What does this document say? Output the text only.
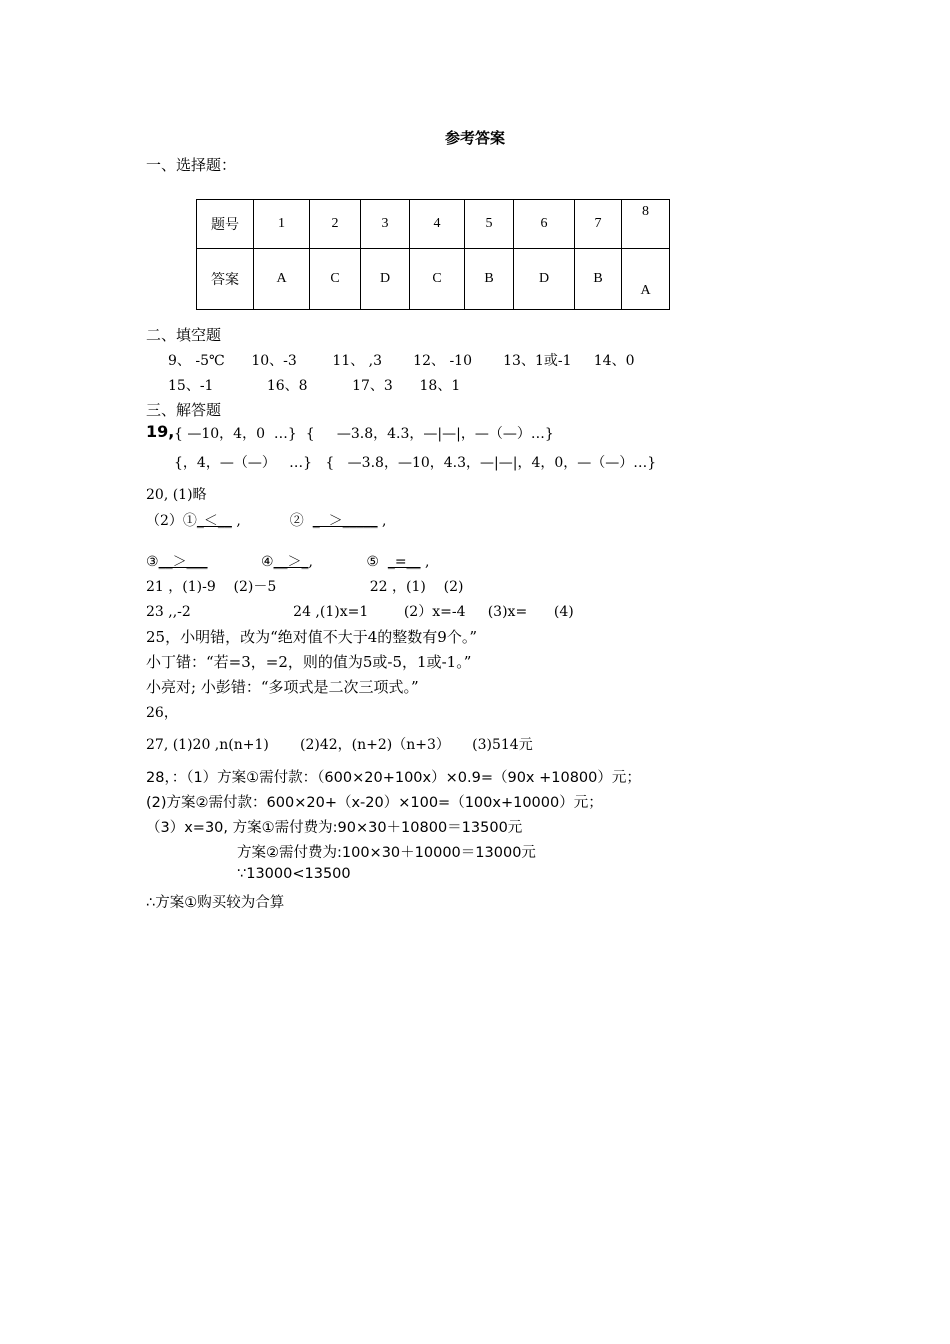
参考答案
一、选择题：
题号	1	2	3	4	5	6	7	8
答案	A	C	D	C	B	D	B	A
二、填空题
9、 -5℃      10、-3        11、 ,3       12、 -10       13、1或-1     14、0
15、-1            16、8          17、3      18、1
三、解答题
19, { —10，4，0  …}  {     —3.8，4.3，—|—|，—（—）…}
{，4，—（—）   …}   {   —3.8，—10，4.3，—|—|，4，0，—（—）…}
20, (1)略
（2）①_＜__ ,           ②  _  ＞_____ ,
③__＞___            ④__＞_,            ⑤  _=__ ,
21 ，(1)-9    (2)－5                     22 ，(1)    (2)
23 ,,-2                       24 ,(1)x=1        (2）x=-4     (3)x=      (4)
25，小明错，改为“绝对值不大于4的整数有9个。”
小丁错：“若=3，=2，则的值为5或-5，1或-1。”
小亮对; 小彭错：“多项式是二次三项式。”
26，
27, (1)20 ,n(n+1)       (2)42，(n+2)（n+3）     (3)514元
28，：（1）方案①需付款：（600×20+100x）×0.9=（90x +10800）元；
(2)方案②需付款：600×20+（x-20）×100=（100x+10000）元；
（3）x=30, 方案①需付费为:90×30＋10800＝13500元
方案②需付费为:100×30＋10000＝13000元
∵13000<13500
∴方案①购买较为合算
